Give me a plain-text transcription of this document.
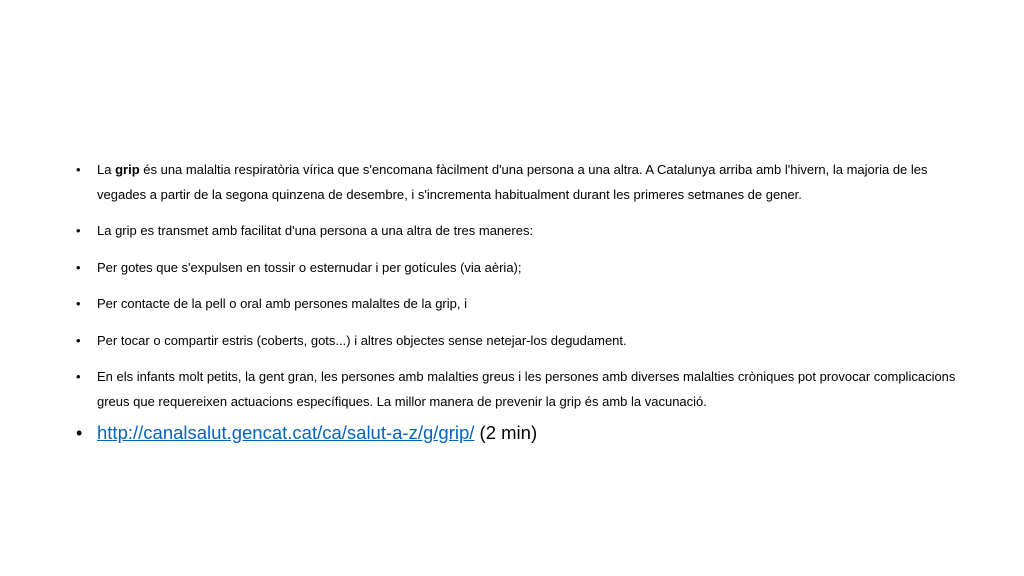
• La grip és una malaltia respiratòria vírica que s'encomana fàcilment d'una persona a una altra. A Catalunya arriba amb l'hivern, la majoria de les vegades a partir de la segona quinzena de desembre, i s'incrementa habitualment durant les primeres setmanes de gener.
• La grip es transmet amb facilitat d'una persona a una altra de tres maneres:
• Per gotes que s'expulsen en tossir o esternudar i per gotícules (via aèria);
• Per contacte de la pell o oral amb persones malaltes de la grip, i
• Per tocar o compartir estris (coberts, gots...) i altres objectes sense netejar-los degudament.
• En els infants molt petits, la gent gran, les persones amb malalties greus i les persones amb diverses malalties cròniques pot provocar complicacions greus que requereixen actuacions específiques. La millor manera de prevenir la grip és amb la vacunació.
• http://canalsalut.gencat.cat/ca/salut-a-z/g/grip/ (2 min)
